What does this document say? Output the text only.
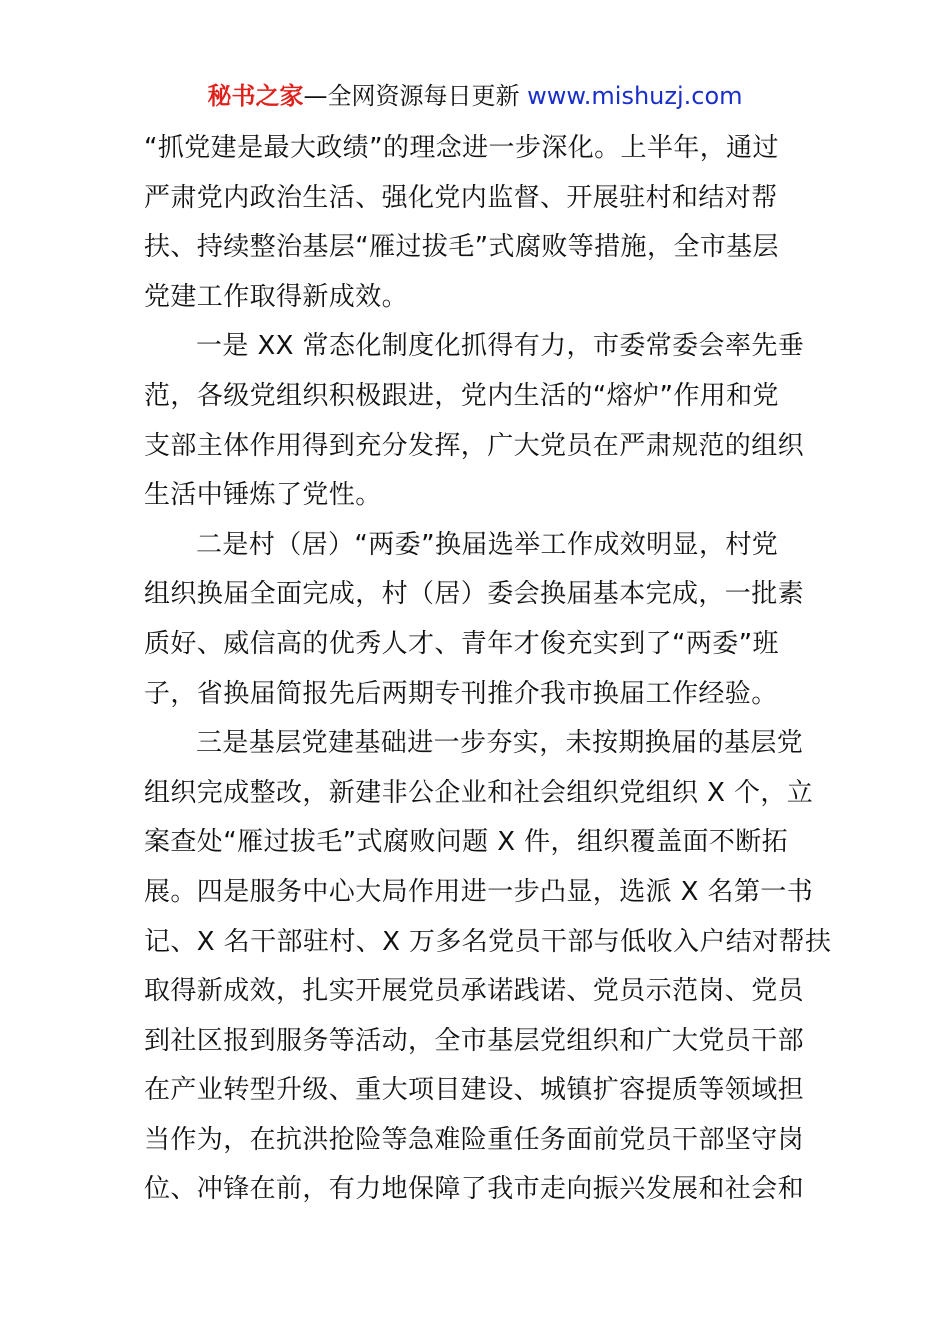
秘书之家—全网资源每日更新 www.mishuzj.com
“抓党建是最大政绩”的理念进一步深化。上半年，通过
严肃党内政治生活、强化党内监督、开展驻村和结对帮
扶、持续整治基层“雁过拔毛”式腐败等措施，全市基层
党建工作取得新成效。
一是 XX 常态化制度化抓得有力，市委常委会率先垂
范，各级党组织积极跟进，党内生活的“熔炉”作用和党
支部主体作用得到充分发挥，广大党员在严肃规范的组织
生活中锤炼了党性。
二是村（居）“两委”换届选举工作成效明显，村党
组织换届全面完成，村（居）委会换届基本完成，一批素
质好、威信高的优秀人才、青年才俊充实到了“两委”班
子，省换届简报先后两期专刊推介我市换届工作经验。
三是基层党建基础进一步夯实，未按期换届的基层党
组织完成整改，新建非公企业和社会组织党组织 X 个，立
案查处“雁过拔毛”式腐败问题 X 件，组织覆盖面不断拓
展。四是服务中心大局作用进一步凸显，选派 X 名第一书
记、X 名干部驻村、X 万多名党员干部与低收入户结对帮扶
取得新成效，扎实开展党员承诺践诺、党员示范岗、党员
到社区报到服务等活动，全市基层党组织和广大党员干部
在产业转型升级、重大项目建设、城镇扩容提质等领域担
当作为，在抗洪抢险等急难险重任务面前党员干部坚守岗
位、冲锋在前，有力地保障了我市走向振兴发展和社会和
